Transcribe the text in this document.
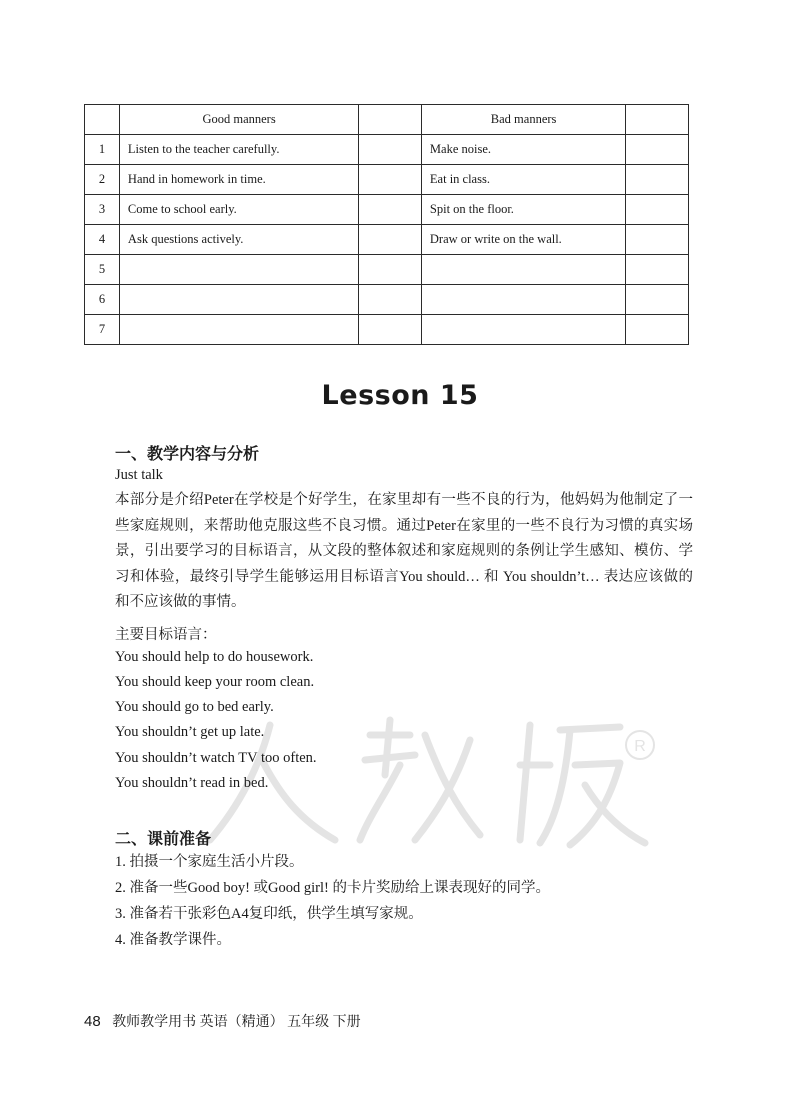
	Good manners		Bad manners	
1	Listen to the teacher carefully.		Make noise.	
2	Hand in homework in time.		Eat in class.	
3	Come to school early.		Spit on the floor.	
4	Ask questions actively.		Draw or write on the wall.	
5				
6				
7				
Lesson 15
R
一、教学内容与分析
Just talk
本部分是介绍Peter在学校是个好学生，在家里却有一些不良的行为，他妈妈为他制定了一些家庭规则，来帮助他克服这些不良习惯。通过Peter在家里的一些不良行为习惯的真实场景，引出要学习的目标语言，从文段的整体叙述和家庭规则的条例让学生感知、模仿、学习和体验，最终引导学生能够运用目标语言You should… 和 You shouldn’t… 表达应该做的和不应该做的事情。
主要目标语言：
You should help to do housework.
You should keep your room clean.
You should go to bed early.
You shouldn’t get up late.
You shouldn’t watch TV too often.
You shouldn’t read in bed.
二、课前准备
1. 拍摄一个家庭生活小片段。
2. 准备一些Good boy! 或Good girl! 的卡片奖励给上课表现好的同学。
3. 准备若干张彩色A4复印纸，供学生填写家规。
4. 准备教学课件。
48 教师教学用书 英语（精通） 五年级 下册
